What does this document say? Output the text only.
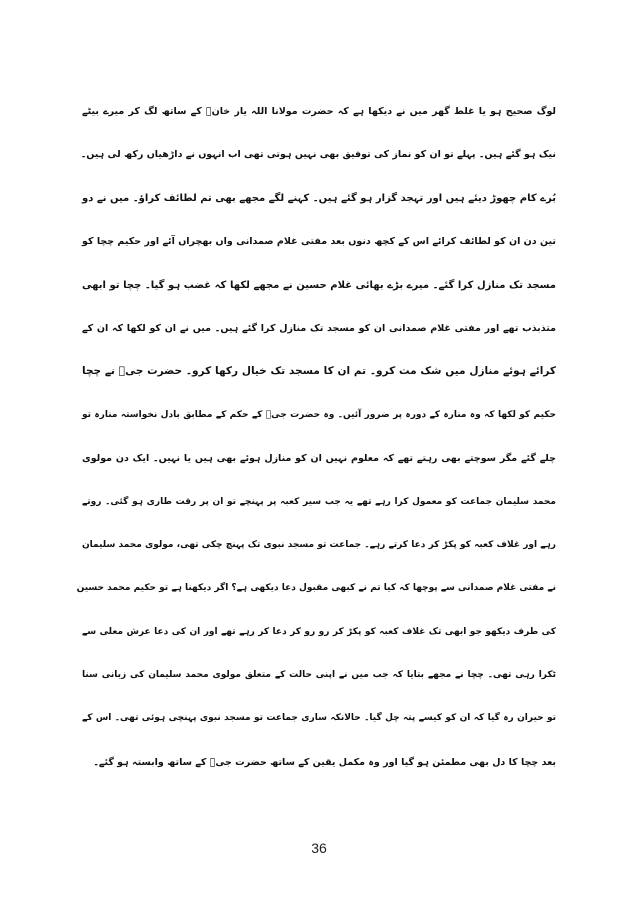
لوگ صحیح ہو یا غلط گھر میں نے دیکھا ہے کہ حضرت مولانا اللہ یار خانؒ کے ساتھ لگ کر میرے بیٹے
نیک ہو گئے ہیں۔ پہلے تو ان کو نماز کی توفیق بھی نہیں ہوتی تھی اب انہوں نے داڑھیاں رکھ لی ہیں۔
بُرے کام چھوڑ دیئے ہیں اور تہجد گزار ہو گئے ہیں۔ کہنے لگے مجھے بھی تم لطائف کراؤ۔ میں نے دو
تین دن ان کو لطائف کرائے اس کے کچھ دنوں بعد مفتی غلام صمدانی واں بھچراں آئے اور حکیم چچا کو
مسجد تک منازل کرا گئے۔ میرے بڑے بھائی غلام حسین نے مجھے لکھا کہ غضب ہو گیا۔ چچا تو ابھی
متذبذب تھے اور مفتی غلام صمدانی ان کو مسجد تک منازل کرا گئے ہیں۔ میں نے ان کو لکھا کہ ان کے
کرائے ہوئے منازل میں شک مت کرو۔ تم ان کا مسجد تک خیال رکھا کرو۔ حضرت جیؒ نے چچا
حکیم کو لکھا کہ وہ منارہ کے دورہ پر ضرور آئیں۔ وہ حضرت جیؒ کے حکم کے مطابق بادل نخواستہ منارہ تو
چلے گئے مگر سوچتے بھی رہتے تھے کہ معلوم نہیں ان کو منازل ہوئے بھی ہیں یا نہیں۔ ایک دن مولوی
محمد سلیمان جماعت کو معمول کرا رہے تھے یہ جب سیر کعبہ پر پہنچے تو ان پر رقت طاری ہو گئی۔ روتے
رہے اور غلاف کعبہ کو پکڑ کر دعا کرتے رہے۔ جماعت تو مسجد نبوی تک پہنچ چکی تھی، مولوی محمد سلیمان
نے مفتی غلام صمدانی سے پوچھا کہ کیا تم نے کبھی مقبول دعا دیکھی ہے؟ اگر دیکھنا ہے تو حکیم محمد حسین
کی طرف دیکھو جو ابھی تک غلاف کعبہ کو پکڑ کر رو رو کر دعا کر رہے تھے اور ان کی دعا عرش معلی سے
ٹکرا رہی تھی۔ چچا نے مجھے بتایا کہ جب میں نے اپنی حالت کے متعلق مولوی محمد سلیمان کی زبانی سنا
تو حیران رہ گیا کہ ان کو کیسے پتہ چل گیا۔ حالانکہ ساری جماعت تو مسجد نبوی پہنچی ہوئی تھی۔ اس کے
بعد چچا کا دل بھی مطمئن ہو گیا اور وہ مکمل یقین کے ساتھ حضرت جیؒ کے ساتھ وابستہ ہو گئے۔
36
